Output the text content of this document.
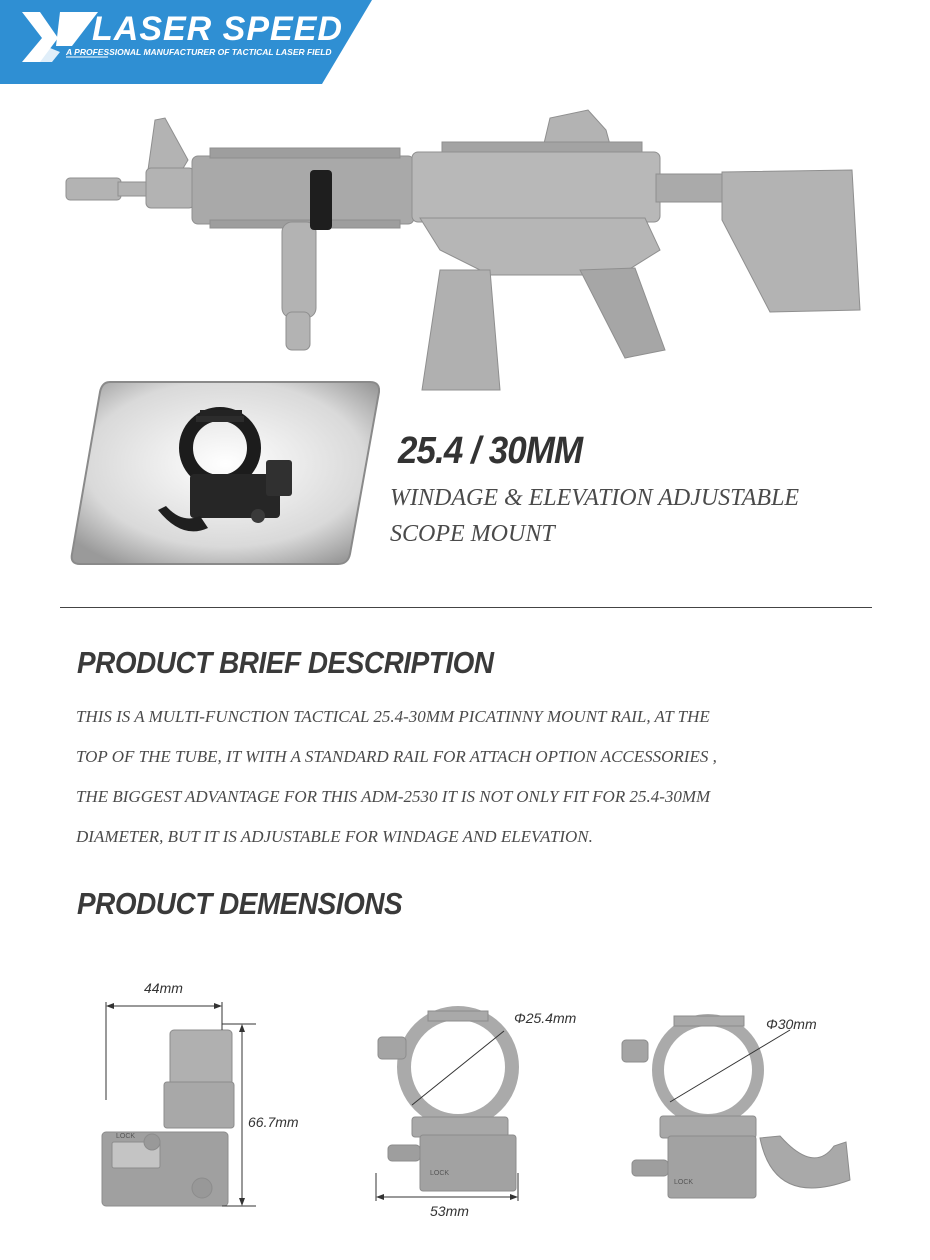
LASER SPEED
A PROFESSIONAL MANUFACTURER OF TACTICAL LASER FIELD
25.4 / 30MM
WINDAGE & ELEVATION ADJUSTABLE
SCOPE MOUNT
PRODUCT BRIEF DESCRIPTION
THIS IS A MULTI-FUNCTION TACTICAL 25.4-30MM PICATINNY MOUNT RAIL, AT THE
TOP OF THE TUBE, IT WITH A STANDARD RAIL FOR ATTACH OPTION ACCESSORIES ,
THE BIGGEST ADVANTAGE FOR THIS ADM-2530 IT IS NOT ONLY FIT FOR 25.4-30MM
DIAMETER, BUT IT IS ADJUSTABLE FOR WINDAGE AND ELEVATION.
PRODUCT DEMENSIONS
LOCK
44mm
66.7mm
LOCK
Φ25.4mm
53mm
LOCK
Φ30mm
